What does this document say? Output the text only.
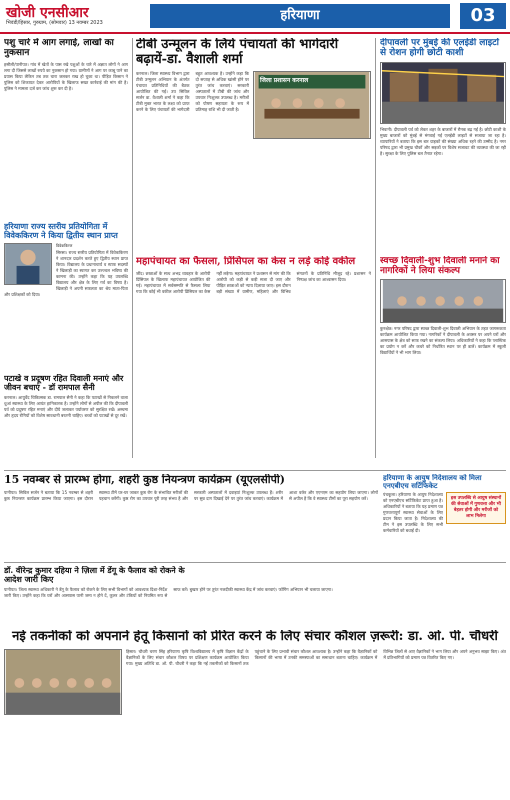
खोजी एनसीआर
भिवंडी/हिसार, गुरुग्राम, (सोमवार) 13 नवम्बर 2023	हरियाणा	03
पशु चारे में आग लगाई, लाखों का नुकसान
हसौली/पानीपत। गांव में खेतों के पास रखे पशुओं के चारे में अज्ञात लोगों ने आग लगा दी जिससे लाखों रुपये का नुकसान हो गया। ग्रामीणों ने आग पर काबू पाने का प्रयास किया लेकिन तब तक चारा जलकर राख हो चुका था। पीड़ित किसान ने पुलिस को शिकायत देकर आरोपियों के खिलाफ सख्त कार्रवाई की मांग की है। पुलिस ने मामला दर्ज कर जांच शुरू कर दी है।
हरियाणा राज्य स्तरीय प्रतियोगिता में विवेककिरण ने किया द्वितीय स्थान प्राप्त
विवेककिरण
सिरसा। राज्य स्तरीय प्रतियोगिता में विवेककिरण ने शानदार प्रदर्शन करते हुए द्वितीय स्थान प्राप्त किया। विद्यालय के प्रधानाचार्य व स्टाफ सदस्यों ने खिलाड़ी का स्वागत कर उज्ज्वल भविष्य की कामना की। उन्होंने कहा कि यह उपलब्धि विद्यालय और क्षेत्र के लिए गर्व का विषय है। खिलाड़ी ने अपनी सफलता का श्रेय माता-पिता और प्रशिक्षकों को दिया।
पटाखे व प्रदूषण रहित दिवाली मनाएं और जीवन बचाएं - डॉ रामपाल सैनी
करनाल। आयुर्वेद चिकित्सक डा. रामपाल सैनी ने कहा कि पटाखों से निकलने वाला धुआं स्वास्थ्य के लिए अत्यंत हानिकारक है। उन्होंने लोगों से अपील की कि दीपावली पर्व को प्रदूषण रहित मनाएं और दीये जलाकर पर्यावरण को सुरक्षित रखें। अस्थमा और हृदय रोगियों को विशेष सावधानी बरतनी चाहिए। बच्चों को पटाखों से दूर रखें।
टीबी उन्मूलन के लिये पंचायतों की भागेदारी बढ़ायें-डा. वैशाली शर्मा
जिला प्रशासन करनाल
करनाल। जिला स्वास्थ्य विभाग द्वारा टीबी उन्मूलन अभियान के अंतर्गत पंचायत प्रतिनिधियों की बैठक आयोजित की गई। उप सिविल सर्जन डा. वैशाली शर्मा ने कहा कि टीबी मुक्त भारत के लक्ष्य को प्राप्त करने के लिए पंचायतों की भागेदारी बहुत आवश्यक है। उन्होंने कहा कि दो सप्ताह से अधिक खांसी होने पर तुरंत जांच करवाएं। सरकारी अस्पतालों में टीबी की जांच और उपचार निःशुल्क उपलब्ध है। मरीजों को पोषण सहायता के रूप में प्रतिमाह राशि भी दी जाती है।
महापंचायत का फैसला, प्रिंसिपल का केस न लड़े कोई वकील
जींद। छात्राओं के साथ अभद्र व्यवहार के आरोपी प्रिंसिपल के खिलाफ महापंचायत आयोजित की गई। महापंचायत में सर्वसम्मति से फैसला लिया गया कि कोई भी वकील आरोपी प्रिंसिपल का केस नहीं लड़ेगा। महापंचायत ने प्रशासन से मांग की कि आरोपी को कड़ी से कड़ी सजा दी जाए और पीड़ित छात्राओं को न्याय दिलाया जाए। इस दौरान बड़ी संख्या में ग्रामीण, महिलाएं और विभिन्न संगठनों के प्रतिनिधि मौजूद रहे। प्रशासन ने निष्पक्ष जांच का आश्वासन दिया।
दीपावली पर मुंबई की एलईडी लाइटों से रोशन होगी छोटी काशी
भिवानी। दीपावली पर्व को लेकर शहर के बाजारों में रौनक बढ़ गई है। छोटी काशी के मुख्य बाजारों को मुंबई से मंगवाई गई एलईडी लाइटों से सजाया जा रहा है। व्यापारियों ने बताया कि इस बार ग्राहकों की संख्या अधिक रहने की उम्मीद है। नगर परिषद द्वारा भी प्रमुख चौकों और सड़कों पर विशेष सजावट की व्यवस्था की जा रही है। सुरक्षा के लिए पुलिस बल तैनात रहेगा।
स्वच्छ दिवाली-शुभ दिवाली मनाने का नागरिकों ने लिया संकल्प
कुरुक्षेत्र। नगर परिषद द्वारा स्वच्छ दिवाली-शुभ दिवाली अभियान के तहत जागरूकता कार्यक्रम आयोजित किया गया। नागरिकों ने दीपावली के अवसर पर अपने घरों और आसपास के क्षेत्र को साफ रखने का संकल्प लिया। अधिकारियों ने कहा कि प्लास्टिक का प्रयोग न करें और कचरे को निर्धारित स्थान पर ही डालें। कार्यक्रम में स्कूली विद्यार्थियों ने भी भाग लिया।
15 नवम्बर से प्रारम्भ होगा, शहरी कुष्ठ नियन्त्रण कार्यक्रम (यूएलसीपी)
पानीपत। सिविल सर्जन ने बताया कि 15 नवम्बर से शहरी कुष्ठ नियन्त्रण कार्यक्रम प्रारम्भ किया जाएगा। इस दौरान स्वास्थ्य टीमें घर-घर जाकर कुष्ठ रोग के संभावित मरीजों की पहचान करेंगी। कुष्ठ रोग का उपचार पूरी तरह संभव है और सरकारी अस्पतालों में दवाइयां निःशुल्क उपलब्ध हैं। शरीर पर सुन्न दाग दिखाई देने पर तुरंत जांच करवाएं। कार्यक्रम में आशा वर्कर और एएनएम का सहयोग लिया जाएगा। लोगों से अपील है कि वे स्वास्थ्य टीमों का पूरा सहयोग करें।
हरियाणा के आयुष निदेशालय को मिला एनएबीएच सर्टिफिकेट
पंचकूला। हरियाणा के आयुष निदेशालय को एनएबीएच सर्टिफिकेट प्राप्त हुआ है। अधिकारियों ने बताया कि यह प्रमाण पत्र गुणवत्तापूर्ण स्वास्थ्य सेवाओं के लिए प्रदान किया जाता है। निदेशालय की टीम ने इस उपलब्धि के लिए सभी कर्मचारियों को बधाई दी।
इस उपलब्धि से आयुष संस्थानों की सेवाओं में गुणवत्ता और भी बेहतर होगी और मरीजों को लाभ मिलेगा
डॉ. वीरेन्द्र कुमार दहिया ने ज़िला में डेंगू के फैलाव को रोकने के आदेश जारी किए
पानीपत। जिला स्वास्थ्य अधिकारी ने डेंगू के फैलाव को रोकने के लिए सभी विभागों को आवश्यक दिशा-निर्देश जारी किए। उन्होंने कहा कि घरों और आसपास पानी जमा न होने दें, कूलर और टंकियों को नियमित रूप से साफ करें। बुखार होने पर तुरंत नजदीकी स्वास्थ्य केंद्र में जांच करवाएं। फॉगिंग अभियान भी चलाया जाएगा।
नई तकनीकों को अपनाने हेतू किसानों को प्रेरित करने के लिए संचार कौशल ज़रूरी: डा. ओ. पी. चौधरी
हिसार। चौधरी चरण सिंह हरियाणा कृषि विश्वविद्यालय में कृषि विज्ञान केंद्रों के वैज्ञानिकों के लिए संचार कौशल विषय पर प्रशिक्षण कार्यक्रम आयोजित किया गया। मुख्य अतिथि डा. ओ. पी. चौधरी ने कहा कि नई तकनीकों को किसानों तक पहुंचाने के लिए प्रभावी संचार कौशल आवश्यक है। उन्होंने कहा कि वैज्ञानिकों को किसानों की भाषा में उनकी समस्याओं का समाधान बताना चाहिए। कार्यक्रम में विभिन्न जिलों से आए वैज्ञानिकों ने भाग लिया और अपने अनुभव साझा किए। अंत में प्रतिभागियों को प्रमाण पत्र वितरित किए गए।
